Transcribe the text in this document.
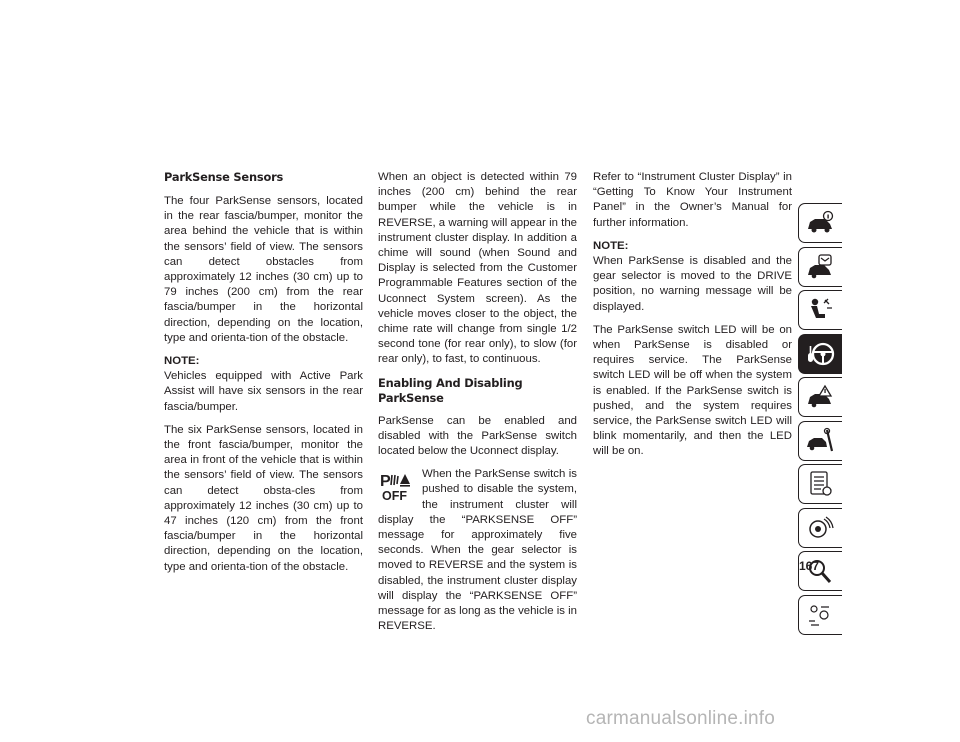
ParkSense Sensors

The four ParkSense sensors, located in the rear fascia/bumper, monitor the area behind the vehicle that is within the sensors’ field of view. The sensors can detect obstacles from approximately 12 inches (30 cm) up to 79 inches (200 cm) from the rear fascia/bumper in the horizontal direction, depending on the location, type and orienta-tion of the obstacle.

NOTE:

Vehicles equipped with Active Park Assist will have six sensors in the rear fascia/bumper.

The six ParkSense sensors, located in the front fascia/bumper, monitor the area in front of the vehicle that is within the sensors’ field of view. The sensors can detect obsta-cles from approximately 12 inches (30 cm) up to 47 inches (120 cm) from the front fascia/bumper in the horizontal direction, depending on the location, type and orienta-tion of the obstacle.

When an object is detected within 79 inches (200 cm) behind the rear bumper while the vehicle is in REVERSE, a warning will appear in the instrument cluster display. In addition a chime will sound (when Sound and Display is selected from the Customer Programmable Features section of the Uconnect System screen). As the vehicle moves closer to the object, the chime rate will change from single 1/2 second tone (for rear only), to slow (for rear only), to fast, to continuous.

Enabling And Disabling ParkSense

ParkSense can be enabled and disabled with the ParkSense switch located below the Uconnect display.

P
OFF

When the ParkSense switch is pushed to disable the system, the instrument cluster will display the “PARKSENSE OFF” message for approximately five seconds. When the gear selector is moved to REVERSE and the system is disabled, the instrument cluster display will display the “PARKSENSE OFF” message for as long as the vehicle is in REVERSE.

Refer to “Instrument Cluster Display” in “Getting To Know Your Instrument Panel” in the Owner’s Manual for further information.

NOTE:

When ParkSense is disabled and the gear selector is moved to the DRIVE position, no warning message will be displayed.

The ParkSense switch LED will be on when ParkSense is disabled or requires service. The ParkSense switch LED will be off when the system is enabled. If the ParkSense switch is pushed, and the system requires service, the ParkSense switch LED will blink momentarily, and then the LED will be on.

167
carmanualsonline.info
